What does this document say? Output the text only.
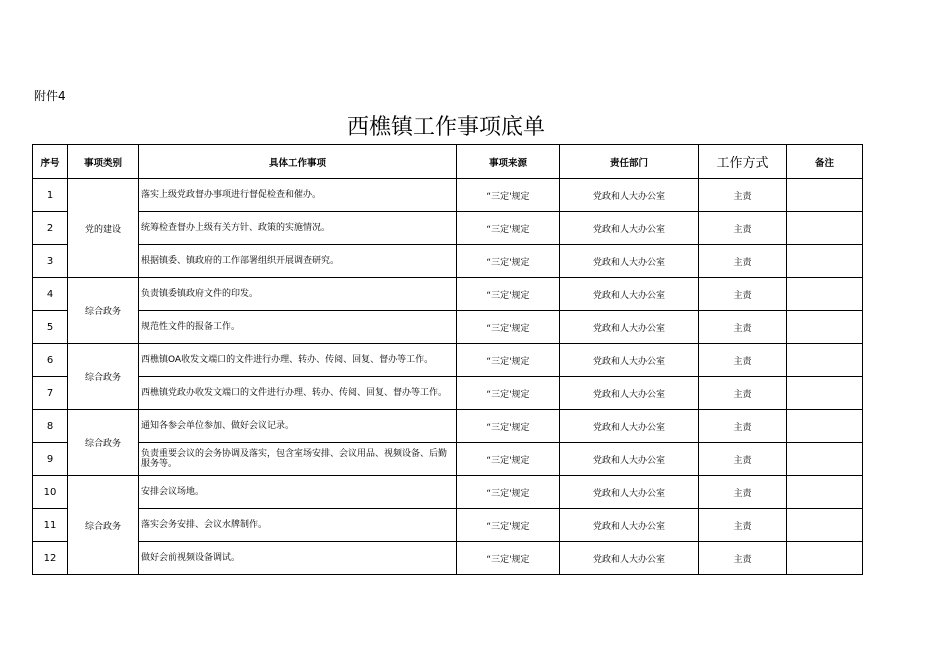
附件4
西樵镇工作事项底单
序号	事项类别	具体工作事项	事项来源	责任部门	工作方式	备注
1	党的建设	落实上级党政督办事项进行督促检查和催办。	“三定'规定	党政和人大办公室	主责	
2		统筹检查督办上级有关方针、政策的实施情况。	“三定'规定	党政和人大办公室	主责	
3		根据镇委、镇政府的工作部署组织开展调查研究。	“三定'规定	党政和人大办公室	主责	
4	综合政务	负责镇委镇政府文件的印发。	“三定'规定	党政和人大办公室	主责	
5		规范性文件的报备工作。	“三定'规定	党政和人大办公室	主责	
6	综合政务	西樵镇OA收发文端口的文件进行办理、转办、传阅、回复、督办等工作。	“三定'规定	党政和人大办公室	主责	
7		西樵镇党政办收发文端口的文件进行办理、转办、传阅、回复、督办等工作。	“三定'规定	党政和人大办公室	主责	
8	综合政务	通知各参会单位参加、做好会议记录。	“三定'规定	党政和人大办公室	主责	
9		负责重要会议的会务协调及落实，包含室场安排、会议用品、视频设备、后勤服务等。	“三定'规定	党政和人大办公室	主责	
10	综合政务	安排会议场地。	“三定'规定	党政和人大办公室	主责	
11		落实会务安排、会议水牌制作。	“三定'规定	党政和人大办公室	主责	
12		做好会前视频设备调试。	“三定'规定	党政和人大办公室	主责	
